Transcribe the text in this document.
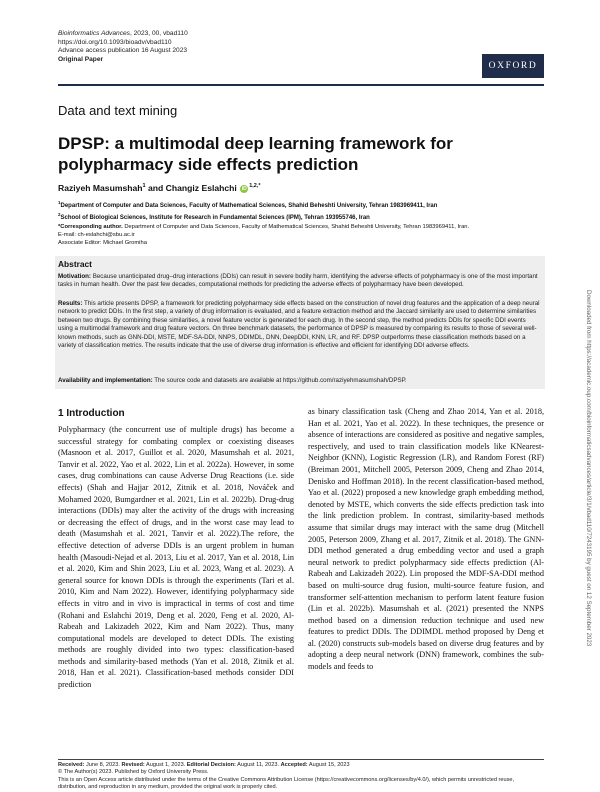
Bioinformatics Advances, 2023, 00, vbad110
https://doi.org/10.1093/bioadv/vbad110
Advance access publication 16 August 2023
Original Paper
OXFORD
Data and text mining
DPSP: a multimodal deep learning framework for polypharmacy side effects prediction
Raziyeh Masumshah$^1$ and Changiz Eslahchi iD $^{1,2,*}$
$^1$Department of Computer and Data Sciences, Faculty of Mathematical Sciences, Shahid Beheshti University, Tehran 1983969411, Iran
$^2$School of Biological Sciences, Institute for Research in Fundamental Sciences (IPM), Tehran 193955746, Iran
*Corresponding author. Department of Computer and Data Sciences, Faculty of Mathematical Sciences, Shahid Beheshti University, Tehran 1983969411, Iran.
E-mail: ch-eslahchi@sbu.ac.ir
Associate Editor: Michael Gromiha
Abstract

Motivation: Because unanticipated drug–drug interactions (DDIs) can result in severe bodily harm, identifying the adverse effects of polypharmacy is one of the most important tasks in human health. Over the past few decades, computational methods for predicting the adverse effects of polypharmacy have been developed.

Results: This article presents DPSP, a framework for predicting polypharmacy side effects based on the construction of novel drug features and the application of a deep neural network to predict DDIs. In the first step, a variety of drug information is evaluated, and a feature extraction method and the Jaccard similarity are used to determine similarities between two drugs. By combining these similarities, a novel feature vector is generated for each drug. In the second step, the method predicts DDIs for specific DDI events using a multimodal framework and drug feature vectors. On three benchmark datasets, the performance of DPSP is measured by comparing its results to those of several well-known methods, such as GNN-DDI, MSTE, MDF-SA-DDI, NNPS, DDIMDL, DNN, DeepDDI, KNN, LR, and RF. DPSP outperforms these classification methods based on a variety of classification metrics. The results indicate that the use of diverse drug information is effective and efficient for identifying DDI adverse effects.

Availability and implementation: The source code and datasets are available at https://github.com/raziyehmasumshah/DPSP.

1 Introduction
Polypharmacy (the concurrent use of multiple drugs) has become a successful strategy for combating complex or coexisting diseases (Masnoon et al. 2017, Guillot et al. 2020, Masumshah et al. 2021, Tanvir et al. 2022, Yao et al. 2022, Lin et al. 2022a). However, in some cases, drug combinations can cause Adverse Drug Reactions (i.e. side effects) (Shah and Hajjar 2012, Zitnik et al. 2018, Nováček and Mohamed 2020, Bumgardner et al. 2021, Lin et al. 2022b). Drug-drug interactions (DDIs) may alter the activity of the drugs with increasing or decreasing the effect of drugs, and in the worst case may lead to death (Masumshah et al. 2021, Tanvir et al. 2022).The refore, the effective detection of adverse DDIs is an urgent problem in human health (Masoudi-Nejad et al. 2013, Liu et al. 2017, Yan et al. 2018, Lin et al. 2020, Kim and Shin 2023, Liu et al. 2023, Wang et al. 2023). A general source for known DDIs is through the experiments (Tari et al. 2010, Kim and Nam 2022). However, identifying polypharmacy side effects in vitro and in vivo is impractical in terms of cost and time (Rohani and Eslahchi 2019, Deng et al. 2020, Feng et al. 2020, Al-Rabeah and Lakizadeh 2022, Kim and Nam 2022). Thus, many computational models are developed to detect DDIs. The existing methods are roughly divided into two types: classification-based methods and similarity-based methods (Yan et al. 2018, Zitnik et al. 2018, Han et al. 2021). Classification-based methods consider DDI prediction
as binary classification task (Cheng and Zhao 2014, Yan et al. 2018, Han et al. 2021, Yao et al. 2022). In these techniques, the presence or absence of interactions are considered as positive and negative samples, respectively, and used to train classification models like KNearest-Neighbor (KNN), Logistic Regression (LR), and Random Forest (RF) (Breiman 2001, Mitchell 2005, Peterson 2009, Cheng and Zhao 2014, Denisko and Hoffman 2018). In the recent classification-based method, Yao et al. (2022) proposed a new knowledge graph embedding method, denoted by MSTE, which converts the side effects prediction task into the link prediction problem. In contrast, similarity-based methods assume that similar drugs may interact with the same drug (Mitchell 2005, Peterson 2009, Zhang et al. 2017, Zitnik et al. 2018). The GNN-DDI method generated a drug embedding vector and used a graph neural network to predict polypharmacy side effects prediction (Al-Rabeah and Lakizadeh 2022). Lin proposed the MDF-SA-DDI method based on multi-source drug fusion, multi-source feature fusion, and transformer self-attention mechanism to perform latent feature fusion (Lin et al. 2022b). Masumshah et al. (2021) presented the NNPS method based on a dimension reduction technique and used new features to predict DDIs. The DDIMDL method proposed by Deng et al. (2020) constructs sub-models based on diverse drug features and by adopting a deep neural network (DNN) framework, combines the sub-models and feeds to
Received: June 8, 2023. Revised: August 1, 2023. Editorial Decision: August 11, 2023. Accepted: August 15, 2023
© The Author(s) 2023. Published by Oxford University Press.
This is an Open Access article distributed under the terms of the Creative Commons Attribution License (https://creativecommons.org/licenses/by/4.0/), which permits unrestricted reuse, distribution, and reproduction in any medium, provided the original work is properly cited.
Downloaded from https://academic.oup.com/bioinformaticsadvances/article/3/1/vbad110/7243195 by guest on 12 September 2023
